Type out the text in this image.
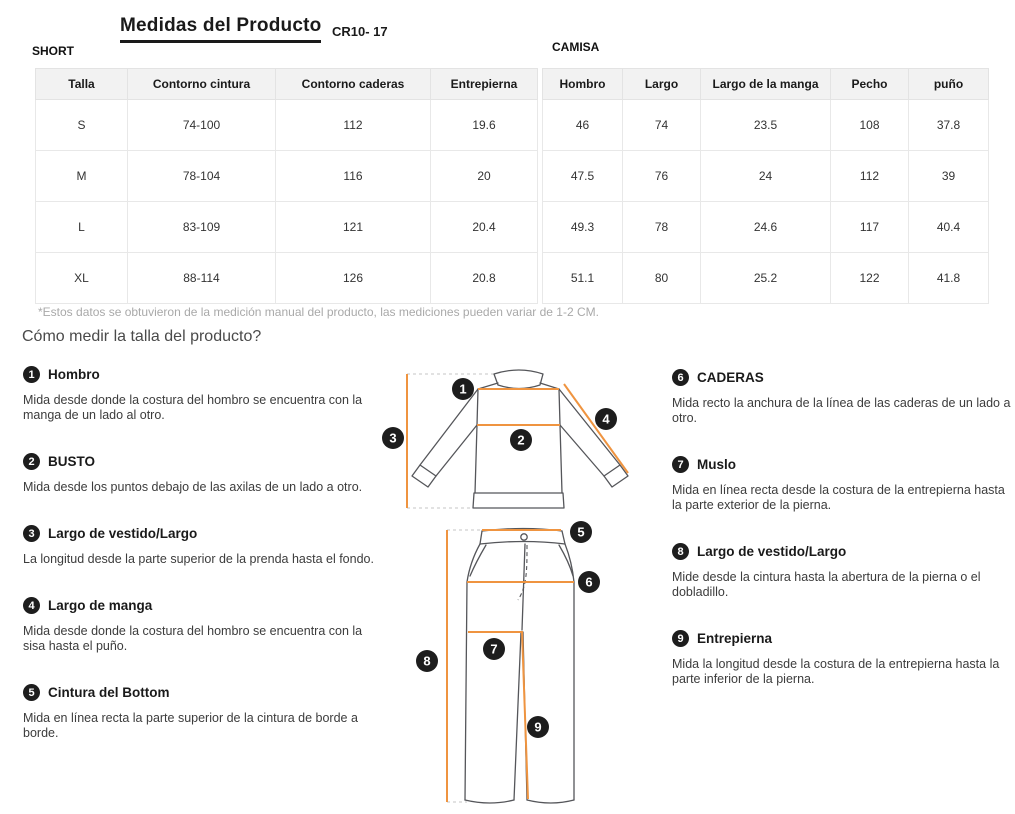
Medidas del Producto CR10- 17
SHORT
Talla	Contorno cintura	Contorno caderas	Entrepierna
S	74-100	112	19.6
M	78-104	116	20
L	83-109	121	20.4
XL	88-114	126	20.8
CAMISA
Hombro	Largo	Largo de la manga	Pecho	puño
46	74	23.5	108	37.8
47.5	76	24	112	39
49.3	78	24.6	117	40.4
51.1	80	25.2	122	41.8
*Estos datos se obtuvieron de la medición manual del producto, las mediciones pueden variar de 1-2 CM.
Cómo medir la talla del producto?
1 Hombro

Mida desde donde la costura del hombro se encuentra con la manga de un lado al otro.

2 BUSTO

Mida desde los puntos debajo de las axilas de un lado a otro.

3 Largo de vestido/Largo

La longitud desde la parte superior de la prenda hasta el fondo.

4 Largo de manga

Mida desde donde la costura del hombro se encuentra con la sisa hasta el puño.

5 Cintura del Bottom

Mida en línea recta la parte superior de la cintura de borde a borde.

6 CADERAS

Mida recto la anchura de la línea de las caderas de un lado a otro.

7 Muslo

Mida en línea recta desde la costura de la entrepierna hasta la parte exterior de la pierna.

8 Largo de vestido/Largo

Mide desde la cintura hasta la abertura de la pierna o el dobladillo.

9 Entrepierna

Mida la longitud desde la costura de la entrepierna hasta la parte inferior de la pierna.

1
2
3
4
5
6
7
8
9
